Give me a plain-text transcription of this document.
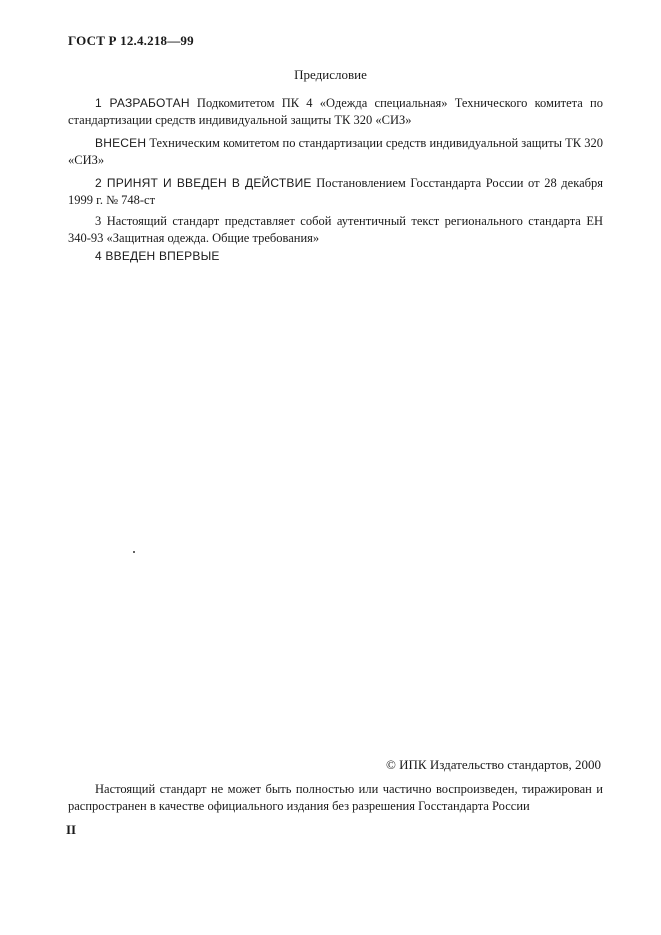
ГОСТ Р 12.4.218—99
Предисловие

1 РАЗРАБОТАН Подкомитетом ПК 4 «Одежда специальная» Технического комитета по стандартизации средств индивидуальной защиты ТК 320 «СИЗ»

ВНЕСЕН Техническим комитетом по стандартизации средств индивидуальной защиты ТК 320 «СИЗ»

2 ПРИНЯТ И ВВЕДЕН В ДЕЙСТВИЕ Постановлением Госстандарта России от 28 декабря 1999 г. № 748-ст

3 Настоящий стандарт представляет собой аутентичный текст регионального стандарта ЕН 340-93 «Защитная одежда. Общие требования»

4 ВВЕДЕН ВПЕРВЫЕ

© ИПК Издательство стандартов, 2000

Настоящий стандарт не может быть полностью или частично воспроизведен, тиражирован и распространен в качестве официального издания без разрешения Госстандарта России

II
